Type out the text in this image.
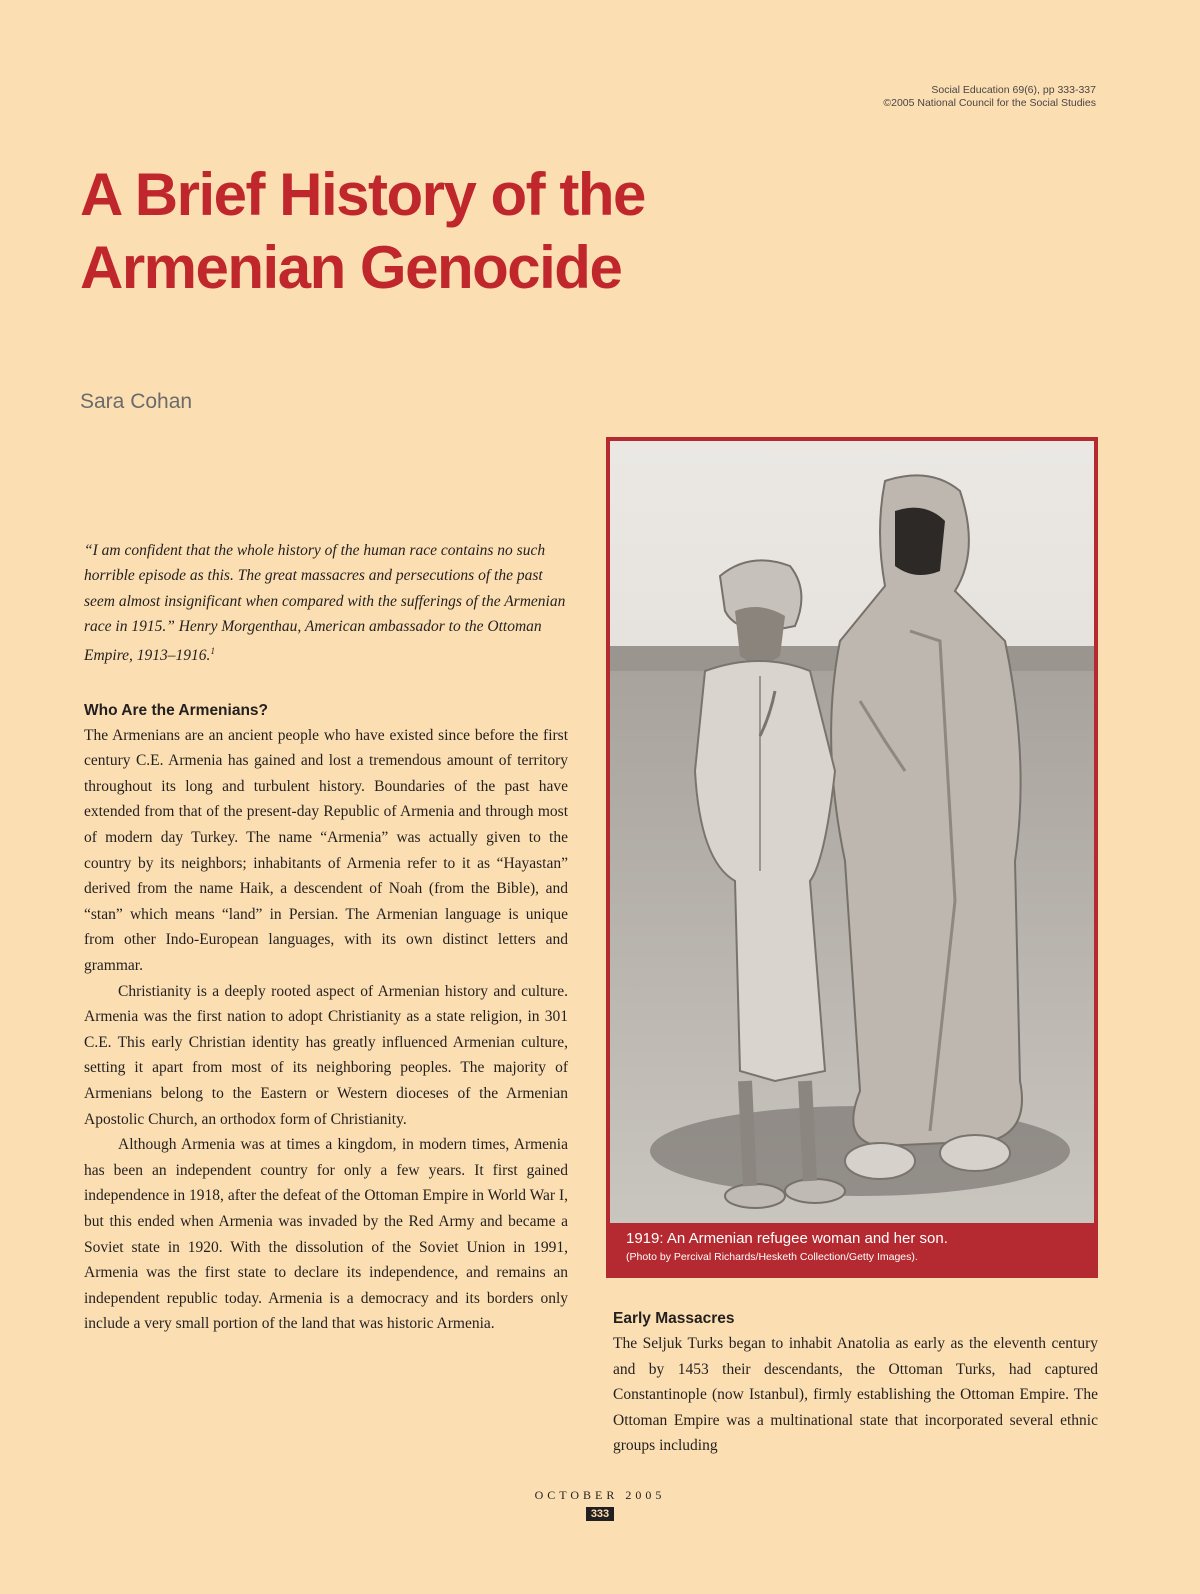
Social Education 69(6), pp 333-337
©2005 National Council for the Social Studies
A Brief History of the
Armenian Genocide
Sara Cohan

“I am confident that the whole history of the human race contains no such horrible episode as this. The great massacres and persecutions of the past seem almost insignificant when compared with the sufferings of the Armenian race in 1915.” Henry Morgenthau, American ambassador to the Ottoman Empire, 1913–1916.$^1$

Who Are the Armenians?

The Armenians are an ancient people who have existed since before the first century C.E. Armenia has gained and lost a tremendous amount of territory throughout its long and turbulent history. Boundaries of the past have extended from that of the present-day Republic of Armenia and through most of modern day Turkey. The name “Armenia” was actually given to the country by its neighbors; inhabitants of Armenia refer to it as “Hayastan” derived from the name Haik, a descendent of Noah (from the Bible), and “stan” which means “land” in Persian. The Armenian language is unique from other Indo-European languages, with its own distinct letters and grammar.

Christianity is a deeply rooted aspect of Armenian history and culture. Armenia was the first nation to adopt Christianity as a state religion, in 301 C.E. This early Christian identity has greatly influenced Armenian culture, setting it apart from most of its neighboring peoples. The majority of Armenians belong to the Eastern or Western dioceses of the Armenian Apostolic Church, an orthodox form of Christianity.

Although Armenia was at times a kingdom, in modern times, Armenia has been an independent country for only a few years. It first gained independence in 1918, after the defeat of the Ottoman Empire in World War I, but this ended when Armenia was invaded by the Red Army and became a Soviet state in 1920. With the dissolution of the Soviet Union in 1991, Armenia was the first state to declare its independence, and remains an independent republic today. Armenia is a democracy and its borders only include a very small portion of the land that was historic Armenia.

1919: An Armenian refugee woman and her son.
(Photo by Percival Richards/Hesketh Collection/Getty Images).
Early Massacres

The Seljuk Turks began to inhabit Anatolia as early as the eleventh century and by 1453 their descendants, the Ottoman Turks, had captured Constantinople (now Istanbul), firmly establishing the Ottoman Empire. The Ottoman Empire was a multinational state that incorporated several ethnic groups including

OCTOBER 2005
333
